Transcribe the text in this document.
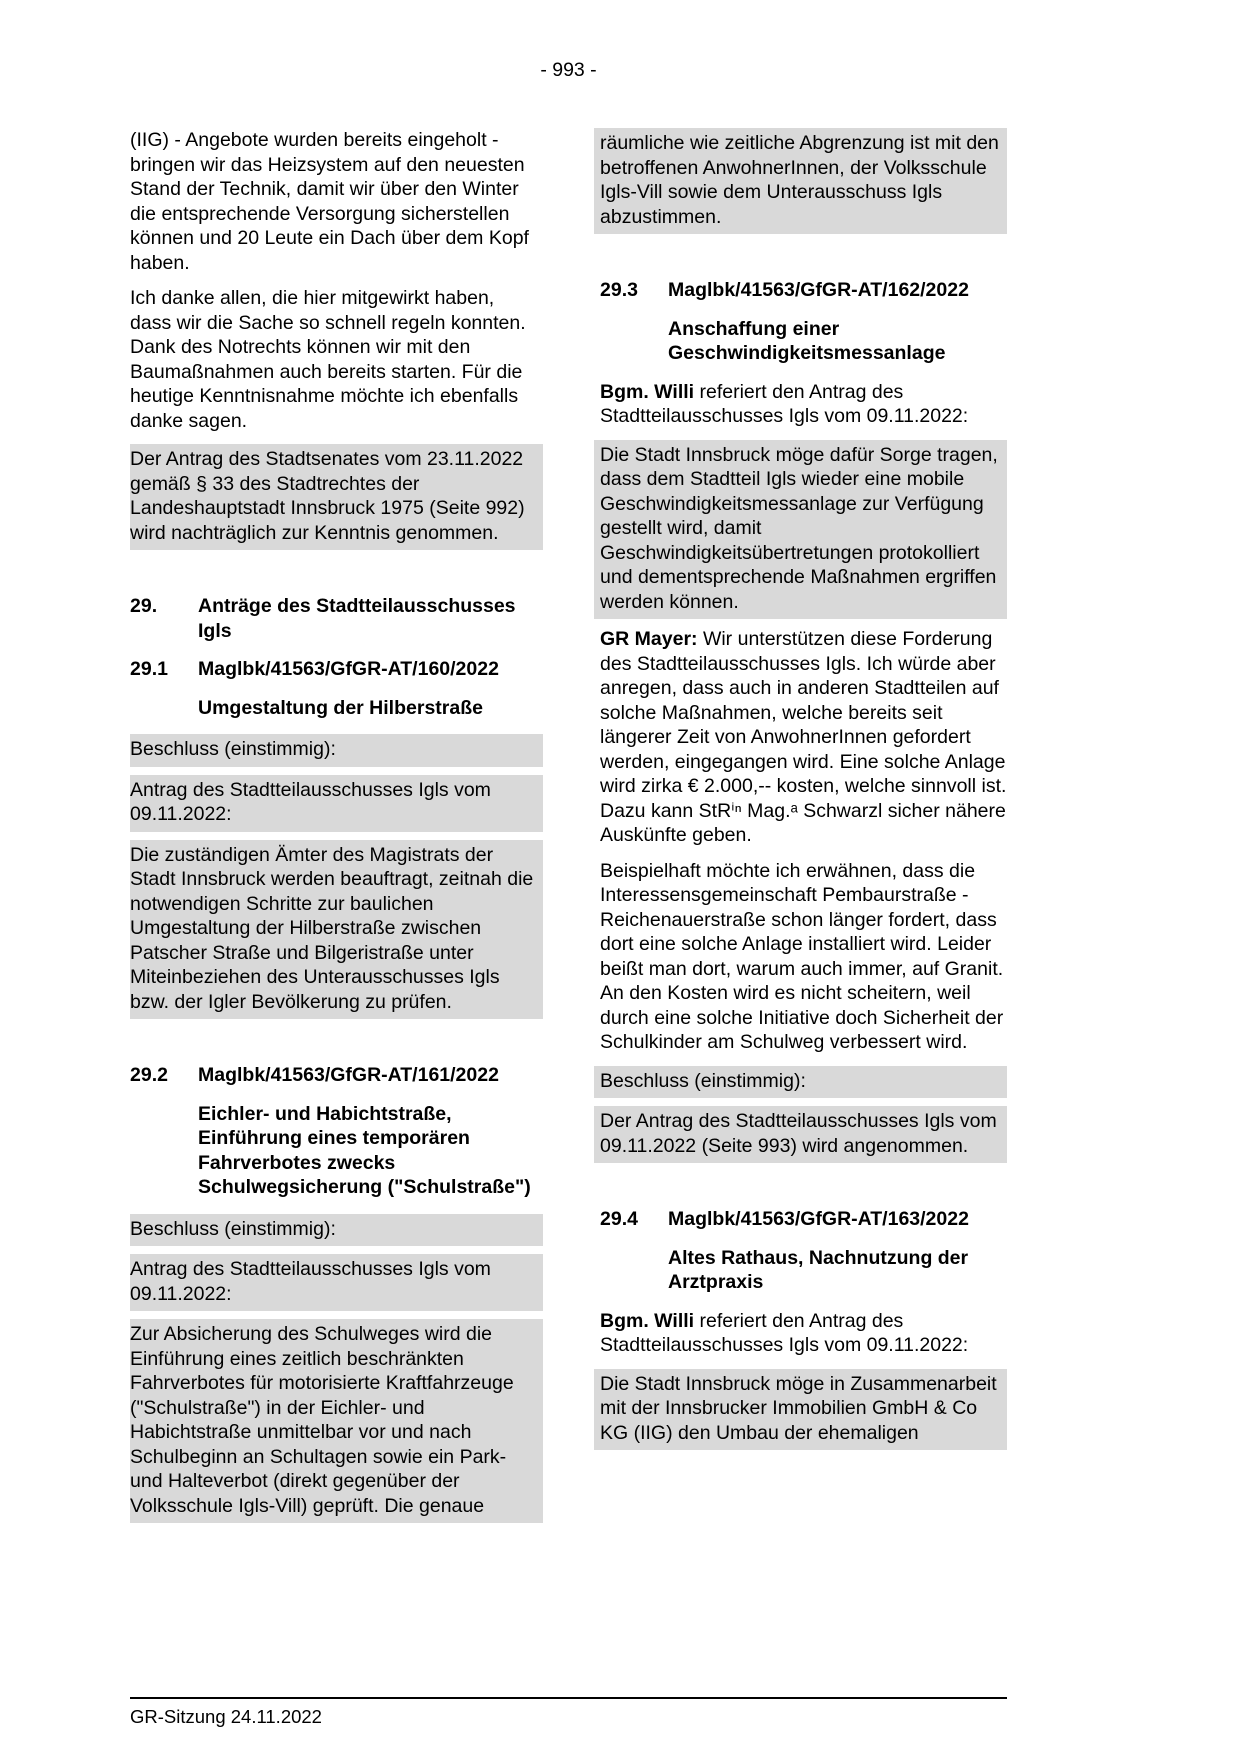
- 993 -

(IIG) - Angebote wurden bereits eingeholt - bringen wir das Heizsystem auf den neuesten Stand der Technik, damit wir über den Winter die entsprechende Versorgung sicherstellen können und 20 Leute ein Dach über dem Kopf haben.

Ich danke allen, die hier mitgewirkt haben, dass wir die Sache so schnell regeln konnten. Dank des Notrechts können wir mit den Baumaßnahmen auch bereits starten. Für die heutige Kenntnisnahme möchte ich ebenfalls danke sagen.

Der Antrag des Stadtsenates vom 23.11.2022 gemäß § 33 des Stadtrechtes der Landeshauptstadt Innsbruck 1975 (Seite 992) wird nachträglich zur Kenntnis genommen.

29.	Anträge des Stadtteilausschusses Igls
29.1	Maglbk/41563/GfGR-AT/160/2022
Umgestaltung der Hilberstraße

Beschluss (einstimmig):

Antrag des Stadtteilausschusses Igls vom 09.11.2022:

Die zuständigen Ämter des Magistrats der Stadt Innsbruck werden beauftragt, zeitnah die notwendigen Schritte zur baulichen Umgestaltung der Hilberstraße zwischen Patscher Straße und Bilgeristraße unter Miteinbeziehen des Unterausschusses Igls bzw. der Igler Bevölkerung zu prüfen.

29.2	Maglbk/41563/GfGR-AT/161/2022
Eichler- und Habichtstraße, Einführung eines temporären Fahrverbotes zwecks Schulwegsicherung ("Schulstraße")

Beschluss (einstimmig):

Antrag des Stadtteilausschusses Igls vom 09.11.2022:

Zur Absicherung des Schulweges wird die Einführung eines zeitlich beschränkten Fahrverbotes für motorisierte Kraftfahrzeuge ("Schulstraße") in der Eichler- und Habichtstraße unmittelbar vor und nach Schulbeginn an Schultagen sowie ein Park- und Halteverbot (direkt gegenüber der Volksschule Igls-Vill) geprüft. Die genaue

räumliche wie zeitliche Abgrenzung ist mit den betroffenen AnwohnerInnen, der Volksschule Igls-Vill sowie dem Unterausschuss Igls abzustimmen.

29.3	Maglbk/41563/GfGR-AT/162/2022
Anschaffung einer Geschwindigkeitsmessanlage

Bgm. Willi referiert den Antrag des Stadtteilausschusses Igls vom 09.11.2022:

Die Stadt Innsbruck möge dafür Sorge tragen, dass dem Stadtteil Igls wieder eine mobile Geschwindigkeitsmessanlage zur Verfügung gestellt wird, damit Geschwindigkeitsübertretungen protokolliert und dementsprechende Maßnahmen ergriffen werden können.

GR Mayer: Wir unterstützen diese Forderung des Stadtteilausschusses Igls. Ich würde aber anregen, dass auch in anderen Stadtteilen auf solche Maßnahmen, welche bereits seit längerer Zeit von AnwohnerInnen gefordert werden, eingegangen wird. Eine solche Anlage wird zirka € 2.000,-- kosten, welche sinnvoll ist. Dazu kann StRⁱⁿ Mag.ᵃ Schwarzl sicher nähere Auskünfte geben.

Beispielhaft möchte ich erwähnen, dass die Interessensgemeinschaft Pembaurstraße - Reichenauerstraße schon länger fordert, dass dort eine solche Anlage installiert wird. Leider beißt man dort, warum auch immer, auf Granit. An den Kosten wird es nicht scheitern, weil durch eine solche Initiative doch Sicherheit der Schulkinder am Schulweg verbessert wird.

Beschluss (einstimmig):

Der Antrag des Stadtteilausschusses Igls vom 09.11.2022 (Seite 993) wird angenommen.

29.4	Maglbk/41563/GfGR-AT/163/2022
Altes Rathaus, Nachnutzung der Arztpraxis

Bgm. Willi referiert den Antrag des Stadtteilausschusses Igls vom 09.11.2022:

Die Stadt Innsbruck möge in Zusammenarbeit mit der Innsbrucker Immobilien GmbH & Co KG (IIG) den Umbau der ehemaligen

GR-Sitzung 24.11.2022
